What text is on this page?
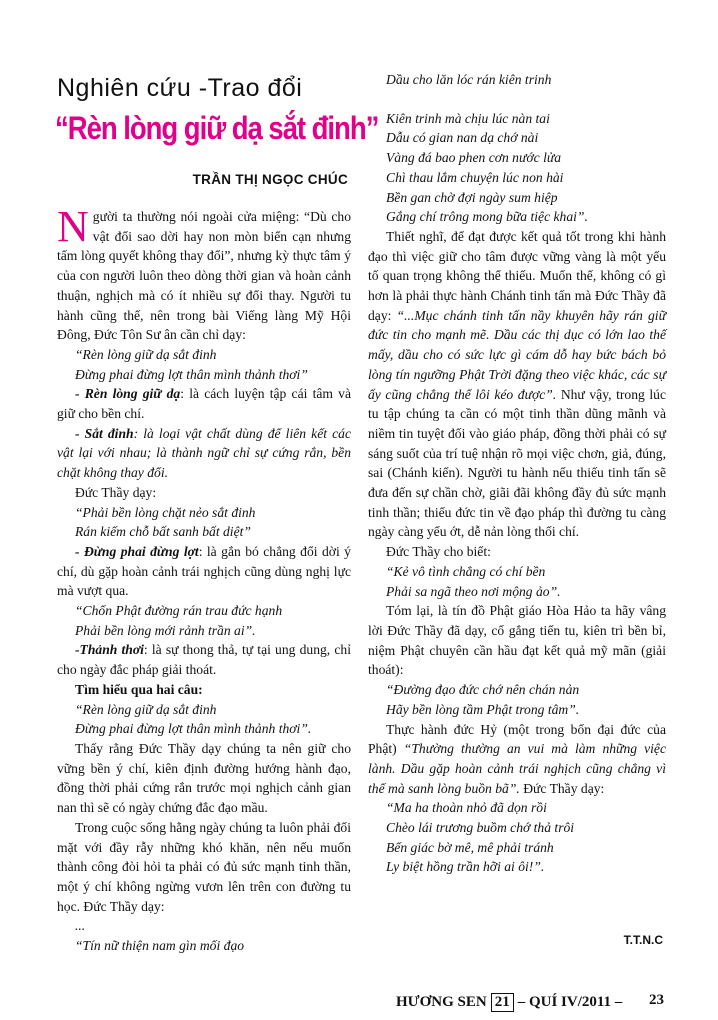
Nghiên cứu -Trao đổi
“Rèn lòng giữ dạ sắt đinh”
TRẦN THỊ NGỌC CHÚC

Người ta thường nói ngoài cửa miệng: “Dù cho vật đổi sao dời hay non mòn biển cạn nhưng tấm lòng quyết không thay đổi”, nhưng kỳ thực tâm ý của con người luôn theo dòng thời gian và hoàn cảnh thuận, nghịch mà có ít nhiều sự đổi thay. Người tu hành cũng thế, nên trong bài Viếng làng Mỹ Hội Đông, Đức Tôn Sư ân cần chỉ dạy:

“Rèn lòng giữ dạ sắt đinh

Đừng phai đừng lợt thân mình thảnh thơi”

- Rèn lòng giữ dạ: là cách luyện tập cái tâm và giữ cho bền chí.

- Sắt đinh: là loại vật chất dùng để liên kết các vật lại với nhau; là thành ngữ chỉ sự cứng rắn, bền chặt không thay đổi.

Đức Thầy dạy:

“Phải bền lòng chặt nẻo sắt đinh

Rán kiếm chỗ bất sanh bất diệt”

- Đừng phai đừng lợt: là gắn bó chẳng đổi dời ý chí, dù gặp hoàn cảnh trái nghịch cũng dùng nghị lực mà vượt qua.

“Chốn Phật đường rán trau đức hạnh

Phải bền lòng mới rảnh trần ai”.

-Thảnh thơi: là sự thong thả, tự tại ung dung, chỉ cho ngày đắc pháp giải thoát.

Tìm hiểu qua hai câu:

“Rèn lòng giữ dạ sắt đinh

Đừng phai đừng lợt thân mình thảnh thơi”.

Thấy rằng Đức Thầy dạy chúng ta nên giữ cho vững bền ý chí, kiên định đường hướng hành đạo, đồng thời phải cứng rắn trước mọi nghịch cảnh gian nan thì sẽ có ngày chứng đắc đạo mầu.

Trong cuộc sống hằng ngày chúng ta luôn phải đối mặt với đầy rẫy những khó khăn, nên nếu muốn thành công đòi hỏi ta phải có đủ sức mạnh tinh thần, một ý chí không ngừng vươn lên trên con đường tu học. Đức Thầy dạy:

...

“Tín nữ thiện nam gìn mối đạo

Dầu cho lăn lóc rán kiên trinh

Kiên trinh mà chịu lúc nàn tai

Dẫu có gian nan dạ chớ nài

Vàng đá bao phen cơn nước lửa

Chì thau lắm chuyện lúc non hài

Bền gan chờ đợi ngày sum hiệp

Gắng chí trông mong bữa tiệc khai”.

Thiết nghĩ, để đạt được kết quả tốt trong khi hành đạo thì việc giữ cho tâm được vững vàng là một yếu tố quan trọng không thể thiếu. Muốn thế, không có gì hơn là phải thực hành Chánh tinh tấn mà Đức Thầy đã dạy: “...Mục chánh tinh tấn nầy khuyên hãy rán giữ đức tin cho mạnh mẽ. Dầu các thị dục có lớn lao thế mấy, dầu cho có sức lực gì cám dỗ hay bức bách bỏ lòng tín ngưỡng Phật Trời đặng theo việc khác, các sự ấy cũng chẳng thể lôi kéo được”. Như vậy, trong lúc tu tập chúng ta cần có một tinh thần dũng mãnh và niềm tin tuyệt đối vào giáo pháp, đồng thời phải có sự sáng suốt của trí tuệ nhận rõ mọi việc chơn, giả, đúng, sai (Chánh kiến). Người tu hành nếu thiếu tinh tấn sẽ đưa đến sự chần chờ, giãi đãi không đầy đủ sức mạnh tinh thần; thiếu đức tin về đạo pháp thì đường tu càng ngày càng yếu ớt, dễ nản lòng thối chí.

Đức Thầy cho biết:

“Kẻ vô tình chẳng có chí bền

Phải sa ngã theo nơi mộng ảo”.

Tóm lại, là tín đồ Phật giáo Hòa Hảo ta hãy vâng lời Đức Thầy đã dạy, cố gắng tiến tu, kiên trì bền bỉ, niệm Phật chuyên cần hầu đạt kết quả mỹ mãn (giải thoát):

“Đường đạo đức chớ nên chán nản

Hãy bền lòng tầm Phật trong tâm”.

Thực hành đức Hỷ (một trong bốn đại đức của Phật) “Thường thường an vui mà làm những việc lành. Dầu gặp hoàn cảnh trái nghịch cũng chẳng vì thế mà sanh lòng buồn bã”. Đức Thầy dạy:

“Ma ha thoàn nhỏ đã dọn rồi

Chèo lái trương buồm chớ thả trôi

Bến giác bờ mê, mê phải tránh

Ly biệt hồng trần hỡi ai ôi!”.

T.T.N.C
HƯƠNG SEN 21 – QUÍ IV/2011 – 23
